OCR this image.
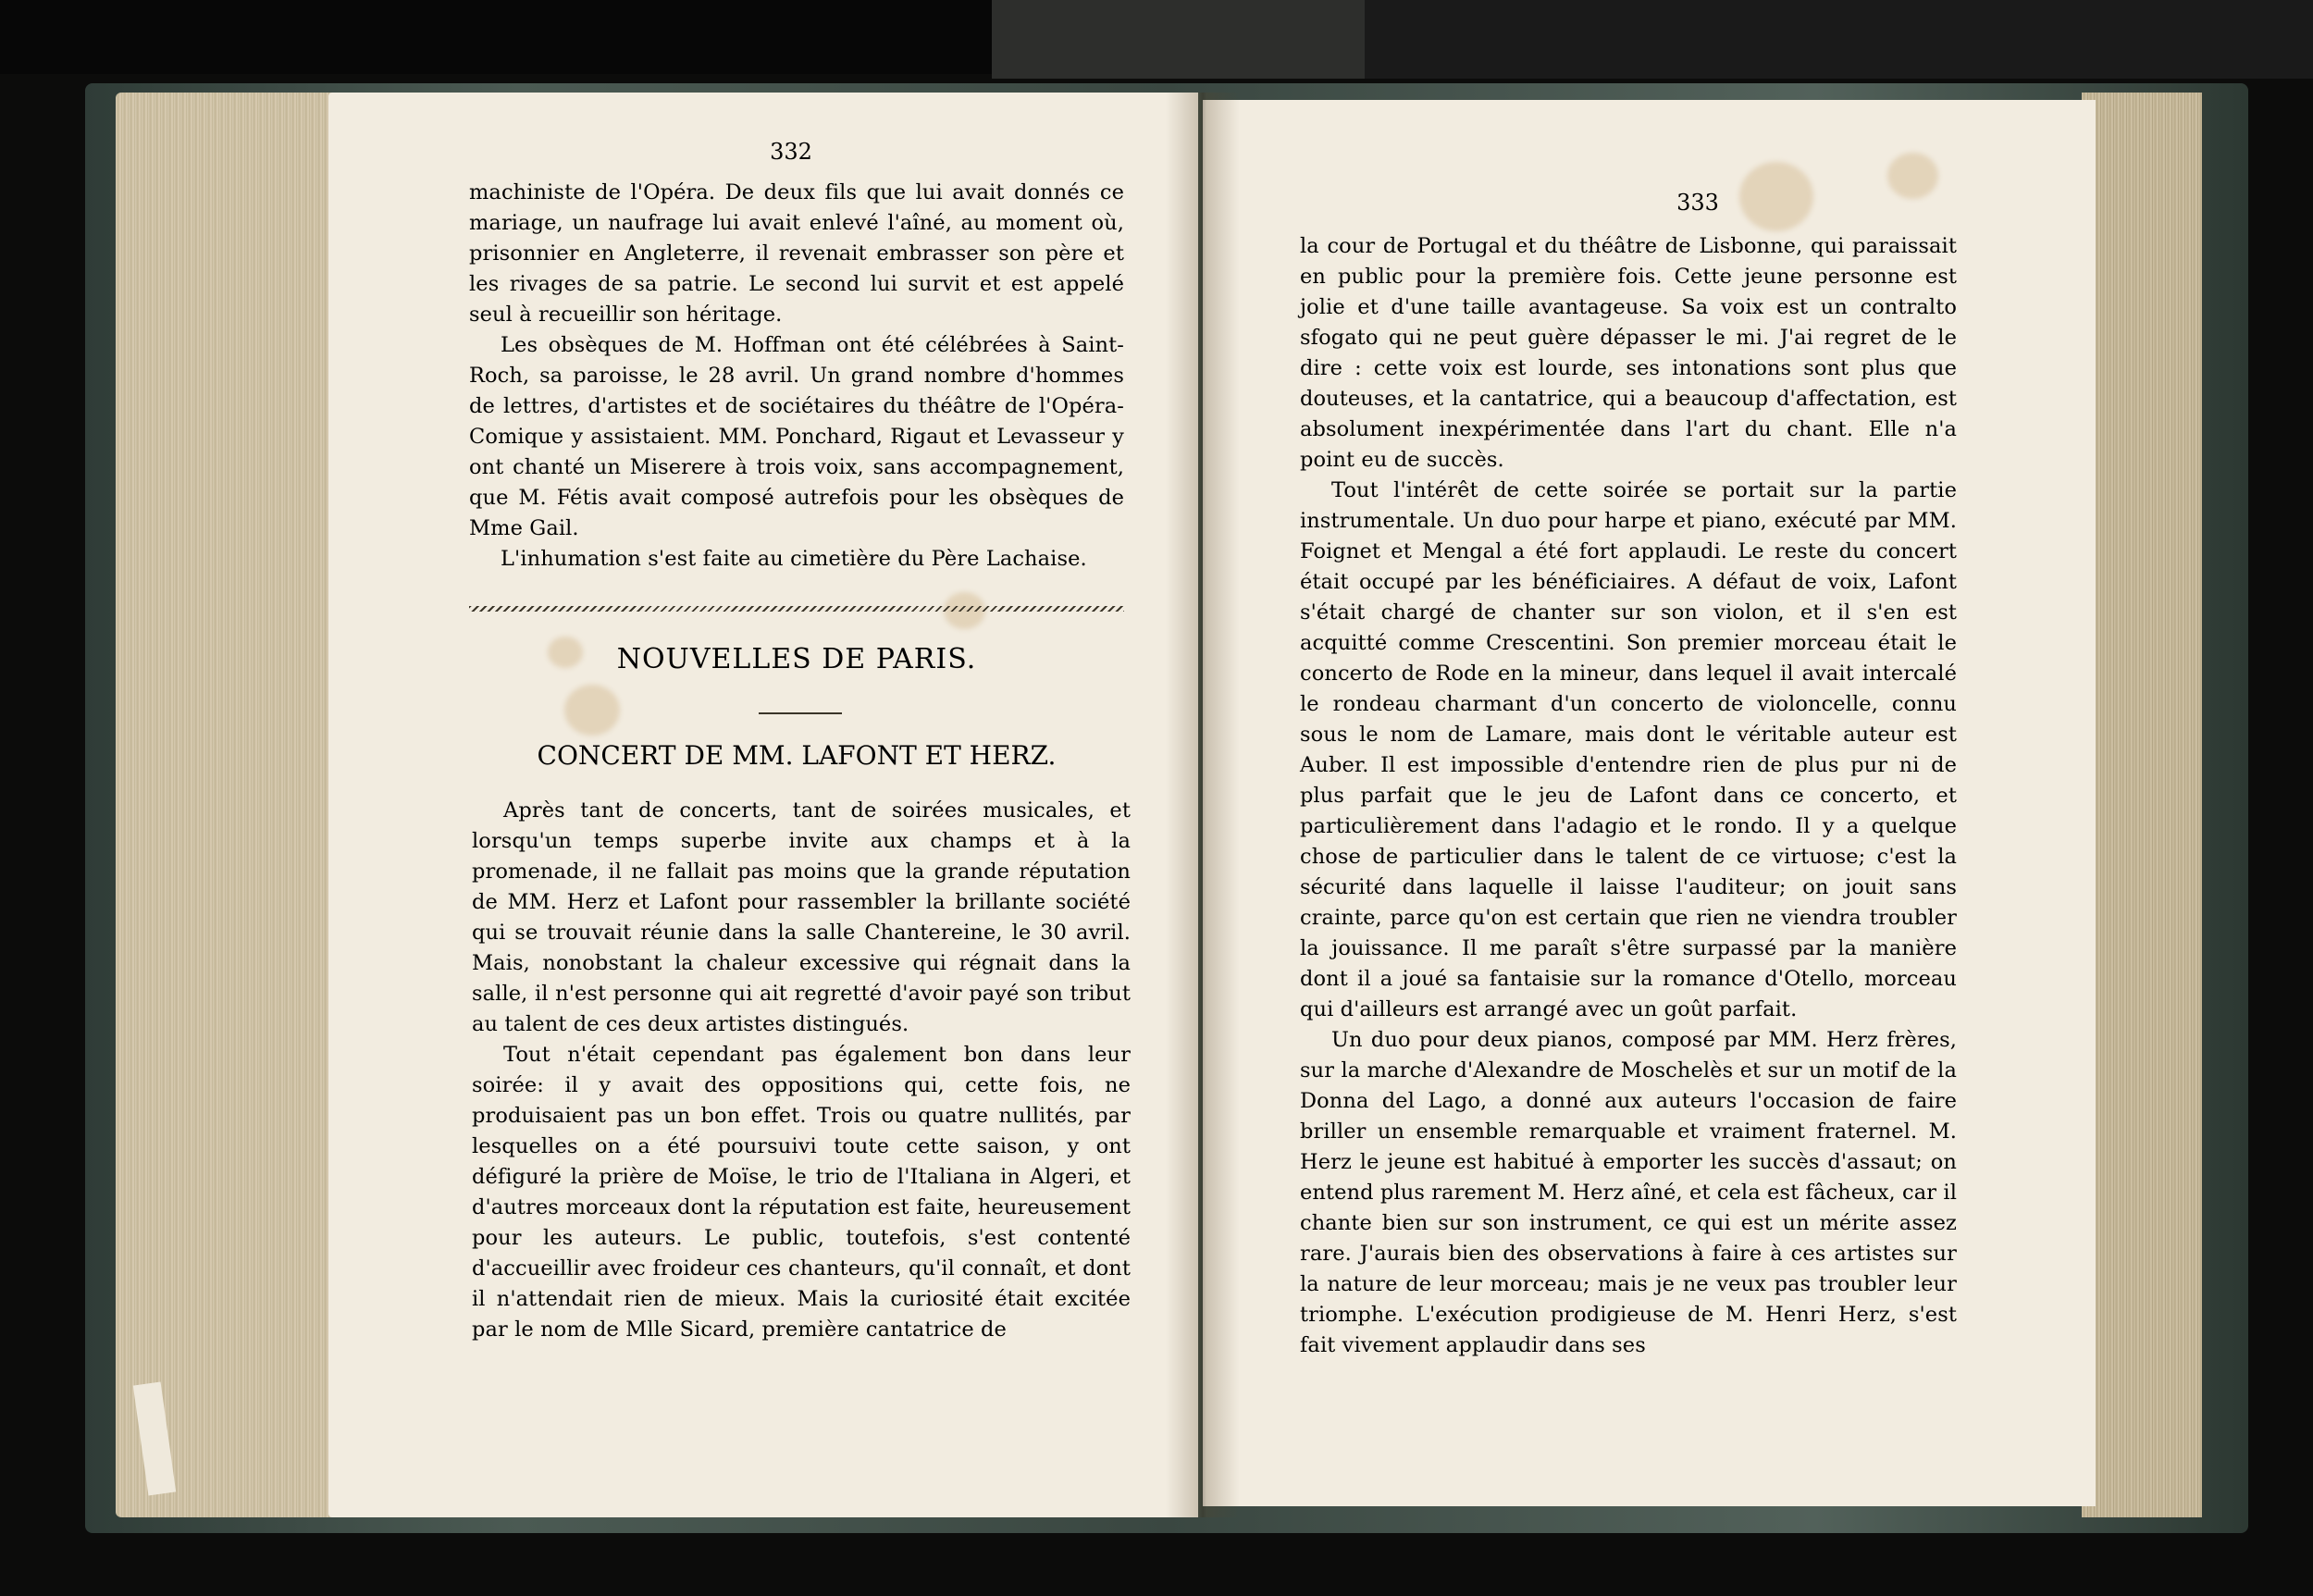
332

machiniste de l'Opéra. De deux fils que lui avait donnés ce mariage, un naufrage lui avait enlevé l'aîné, au moment où, prisonnier en Angleterre, il revenait embrasser son père et les rivages de sa patrie. Le second lui survit et est appelé seul à recueillir son héritage.

Les obsèques de M. Hoffman ont été célébrées à Saint-Roch, sa paroisse, le 28 avril. Un grand nombre d'hommes de lettres, d'artistes et de sociétaires du théâtre de l'Opéra-Comique y assistaient. MM. Ponchard, Rigaut et Levasseur y ont chanté un Miserere à trois voix, sans accompagnement, que M. Fétis avait composé autrefois pour les obsèques de Mme Gail.

L'inhumation s'est faite au cimetière du Père Lachaise.

NOUVELLES DE PARIS.
CONCERT DE MM. LAFONT ET HERZ.

Après tant de concerts, tant de soirées musicales, et lorsqu'un temps superbe invite aux champs et à la promenade, il ne fallait pas moins que la grande réputation de MM. Herz et Lafont pour rassembler la brillante société qui se trouvait réunie dans la salle Chantereine, le 30 avril. Mais, nonobstant la chaleur excessive qui régnait dans la salle, il n'est personne qui ait regretté d'avoir payé son tribut au talent de ces deux artistes distingués.

Tout n'était cependant pas également bon dans leur soirée: il y avait des oppositions qui, cette fois, ne produisaient pas un bon effet. Trois ou quatre nullités, par lesquelles on a été poursuivi toute cette saison, y ont défiguré la prière de Moïse, le trio de l'Italiana in Algeri, et d'autres morceaux dont la réputation est faite, heureusement pour les auteurs. Le public, toutefois, s'est contenté d'accueillir avec froideur ces chanteurs, qu'il connaît, et dont il n'attendait rien de mieux. Mais la curiosité était excitée par le nom de Mlle Sicard, première cantatrice de

333

la cour de Portugal et du théâtre de Lisbonne, qui paraissait en public pour la première fois. Cette jeune personne est jolie et d'une taille avantageuse. Sa voix est un contralto sfogato qui ne peut guère dépasser le mi. J'ai regret de le dire : cette voix est lourde, ses intonations sont plus que douteuses, et la cantatrice, qui a beaucoup d'affectation, est absolument inexpérimentée dans l'art du chant. Elle n'a point eu de succès.

Tout l'intérêt de cette soirée se portait sur la partie instrumentale. Un duo pour harpe et piano, exécuté par MM. Foignet et Mengal a été fort applaudi. Le reste du concert était occupé par les bénéficiaires. A défaut de voix, Lafont s'était chargé de chanter sur son violon, et il s'en est acquitté comme Crescentini. Son premier morceau était le concerto de Rode en la mineur, dans lequel il avait intercalé le rondeau charmant d'un concerto de violoncelle, connu sous le nom de Lamare, mais dont le véritable auteur est Auber. Il est impossible d'entendre rien de plus pur ni de plus parfait que le jeu de Lafont dans ce concerto, et particulièrement dans l'adagio et le rondo. Il y a quelque chose de particulier dans le talent de ce virtuose; c'est la sécurité dans laquelle il laisse l'auditeur; on jouit sans crainte, parce qu'on est certain que rien ne viendra troubler la jouissance. Il me paraît s'être surpassé par la manière dont il a joué sa fantaisie sur la romance d'Otello, morceau qui d'ailleurs est arrangé avec un goût parfait.

Un duo pour deux pianos, composé par MM. Herz frères, sur la marche d'Alexandre de Moschelès et sur un motif de la Donna del Lago, a donné aux auteurs l'occasion de faire briller un ensemble remarquable et vraiment fraternel. M. Herz le jeune est habitué à emporter les succès d'assaut; on entend plus rarement M. Herz aîné, et cela est fâcheux, car il chante bien sur son instrument, ce qui est un mérite assez rare. J'aurais bien des observations à faire à ces artistes sur la nature de leur morceau; mais je ne veux pas troubler leur triomphe. L'exécution prodigieuse de M. Henri Herz, s'est fait vivement applaudir dans ses
